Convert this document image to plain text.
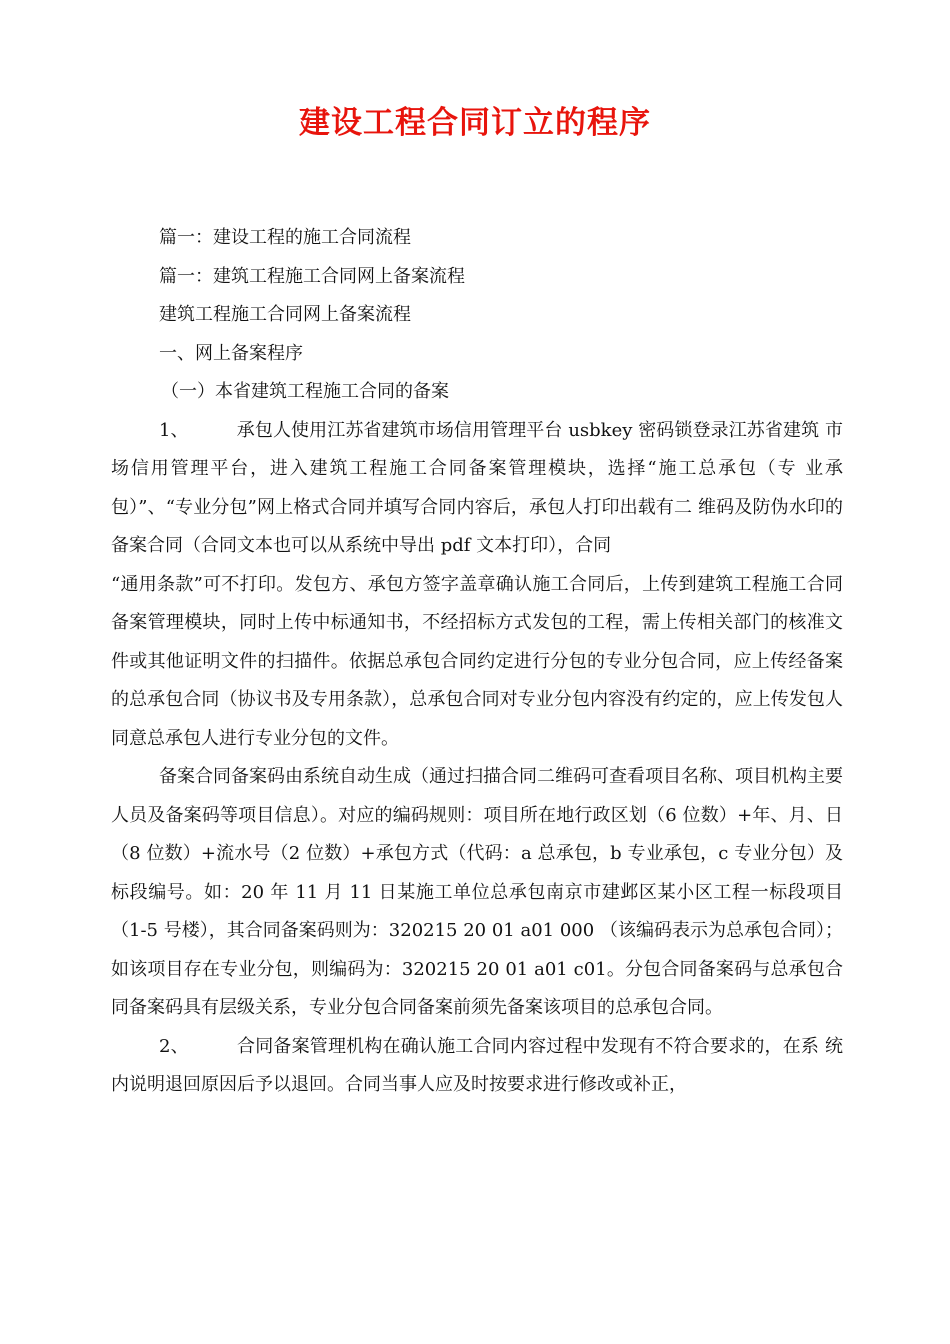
建设工程合同订立的程序
篇一：建设工程的施工合同流程
篇一：建筑工程施工合同网上备案流程
建筑工程施工合同网上备案流程
一、网上备案程序
（一）本省建筑工程施工合同的备案
1、	承包人使用江苏省建筑市场信用管理平台 usbkey 密码锁登录江苏省建筑 市场信用管理平台，进入建筑工程施工合同备案管理模块，选择“施工总承包（专 业承包）”、“专业分包”网上格式合同并填写合同内容后，承包人打印出载有二 维码及防伪水印的备案合同（合同文本也可以从系统中导出 pdf 文本打印），合同
“通用条款”可不打印。发包方、承包方签字盖章确认施工合同后，上传到建筑工程施工合同备案管理模块，同时上传中标通知书，不经招标方式发包的工程，需上传相关部门的核准文件或其他证明文件的扫描件。依据总承包合同约定进行分包的专业分包合同，应上传经备案的总承包合同（协议书及专用条款），总承包合同对专业分包内容没有约定的，应上传发包人同意总承包人进行专业分包的文件。
备案合同备案码由系统自动生成（通过扫描合同二维码可查看项目名称、项目机构主要人员及备案码等项目信息）。对应的编码规则：项目所在地行政区划（6 位数）+年、月、日（8 位数）+流水号（2 位数）+承包方式（代码：a 总承包，b 专业承包，c 专业分包）及标段编号。如：20 年 11 月 11 日某施工单位总承包南京市建邺区某小区工程一标段项目（1-5 号楼），其合同备案码则为：320215 20 01 a01 000 （该编码表示为总承包合同）；如该项目存在专业分包，则编码为：320215 20 01 a01 c01。分包合同备案码与总承包合同备案码具有层级关系，专业分包合同备案前须先备案该项目的总承包合同。
2、	合同备案管理机构在确认施工合同内容过程中发现有不符合要求的，在系 统内说明退回原因后予以退回。合同当事人应及时按要求进行修改或补正，
